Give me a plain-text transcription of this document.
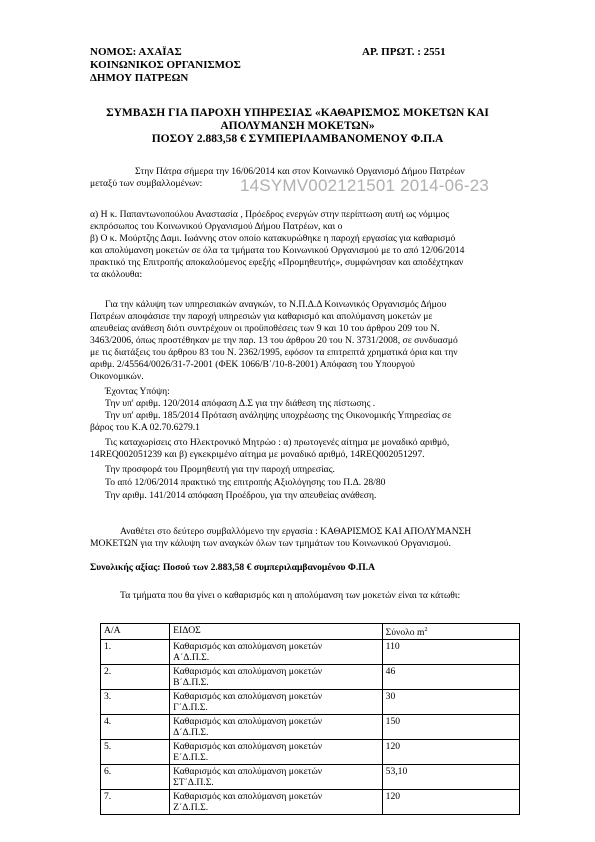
ΝΟΜΟΣ: ΑΧΑΪΑΣ	ΑΡ. ΠΡΩΤ. : 2551
ΚΟΙΝΩΝΙΚΟΣ ΟΡΓΑΝΙΣΜΟΣ
ΔΗΜΟΥ ΠΑΤΡΕΩΝ
ΣΥΜΒΑΣΗ ΓΙΑ ΠΑΡΟΧΗ ΥΠΗΡΕΣΙΑΣ «ΚΑΘΑΡΙΣΜΟΣ ΜΟΚΕΤΩΝ ΚΑΙ
ΑΠΟΛΥΜΑΝΣΗ ΜΟΚΕΤΩΝ»
ΠΟΣΟΥ 2.883,58 € ΣΥΜΠΕΡΙΛΑΜΒΑΝΟΜΕΝΟΥ Φ.Π.Α
Στην Πάτρα σήμερα την 16/06/2014 και στον Κοινωνικό Οργανισμό Δήμου Πατρέων
μεταξύ των συμβαλλομένων:	14SYMV002121501 2014-06-23
α) Η κ. Παπαντωνοπούλου Αναστασία , Πρόεδρος ενεργών στην περίπτωση αυτή ως νόμιμος
εκπρόσωπος του Κοινωνικού Οργανισμού Δήμου Πατρέων, και ο
β) Ο κ. Μούρτζης Δαμι. Ιωάννης στον οποίο κατακυρώθηκε η παροχή εργασίας για καθαρισμό
και απολύμανση μοκετών σε όλα τα τμήματα του Κοινωνικού Οργανισμού με το από 12/06/2014
πρακτικό της Επιτροπής αποκαλούμενος εφεξής «Προμηθευτής», συμφώνησαν και αποδέχτηκαν
τα ακόλουθα:
Για την κάλυψη των υπηρεσιακών αναγκών, το Ν.Π.Δ.Δ Κοινωνικός Οργανισμός Δήμου
Πατρέων αποφάσισε την παροχή υπηρεσιών για καθαρισμό και απολύμανση μοκετών με
απευθείας ανάθεση διότι συντρέχουν οι προϋποθέσεις των 9 και 10 του άρθρου 209 του Ν.
3463/2006, όπως προστέθηκαν με την παρ. 13 του άρθρου 20 του Ν. 3731/2008, σε συνδυασμό
με τις διατάξεις του άρθρου 83 του Ν. 2362/1995, εφόσον τα επιτρεπτά χρηματικά όρια και την
αριθμ. 2/45564/0026/31-7-2001 (ΦΕΚ 1066/Β΄/10-8-2001) Απόφαση του Υπουργού
Οικονομικών.
Έχοντας Υπόψη:
Την υπ' αριθμ. 120/2014 απόφαση Δ.Σ για την διάθεση της πίστωσης .
Την υπ' αριθμ. 185/2014 Πρόταση ανάληψης υποχρέωσης της Οικονομικής Υπηρεσίας σε
βάρος του Κ.Α 02.70.6279.1
Τις καταχωρίσεις στο Ηλεκτρονικό Μητρώο : α) πρωτογενές αίτημα με μοναδικό αριθμό,
14REQ002051239 και β) εγκεκριμένο αίτημα με μοναδικό αριθμό, 14REQ002051297.
Την προσφορά του Προμηθευτή για την παροχή υπηρεσίας.
Το από 12/06/2014 πρακτικό της επιτροπής Αξιολόγησης του Π.Δ. 28/80
Την αριθμ. 141/2014 απόφαση Προέδρου, για την απευθείας ανάθεση.
Αναθέτει στο δεύτερο συμβαλλόμενο την εργασία : ΚΑΘΑΡΙΣΜΟΣ ΚΑΙ ΑΠΟΛΥΜΑΝΣΗ
ΜΟΚΕΤΩΝ για την κάλυψη των αναγκών όλων των τμημάτων του Κοινωνικού Οργανισμού.
Συνολικής αξίας: Ποσού των 2.883,58 € συμπεριλαμβανομένου Φ.Π.Α
Τα τμήματα που θα γίνει ο καθαρισμός και η απολύμανση των μοκετών είναι τα κάτωθι:
Α/Α	ΕΙΔΟΣ	Σύνολο $m^2$
1.	Καθαρισμός και απολύμανση μοκετών
Α΄Δ.Π.Σ.	110
2.	Καθαρισμός και απολύμανση μοκετών
Β΄Δ.Π.Σ.	46
3.	Καθαρισμός και απολύμανση μοκετών
Γ΄Δ.Π.Σ.	30
4.	Καθαρισμός και απολύμανση μοκετών
Δ΄Δ.Π.Σ.	150
5.	Καθαρισμός και απολύμανση μοκετών
Ε΄Δ.Π.Σ.	120
6.	Καθαρισμός και απολύμανση μοκετών
ΣΤ΄Δ.Π.Σ.	53,10
7.	Καθαρισμός και απολύμανση μοκετών
Ζ΄Δ.Π.Σ.	120
